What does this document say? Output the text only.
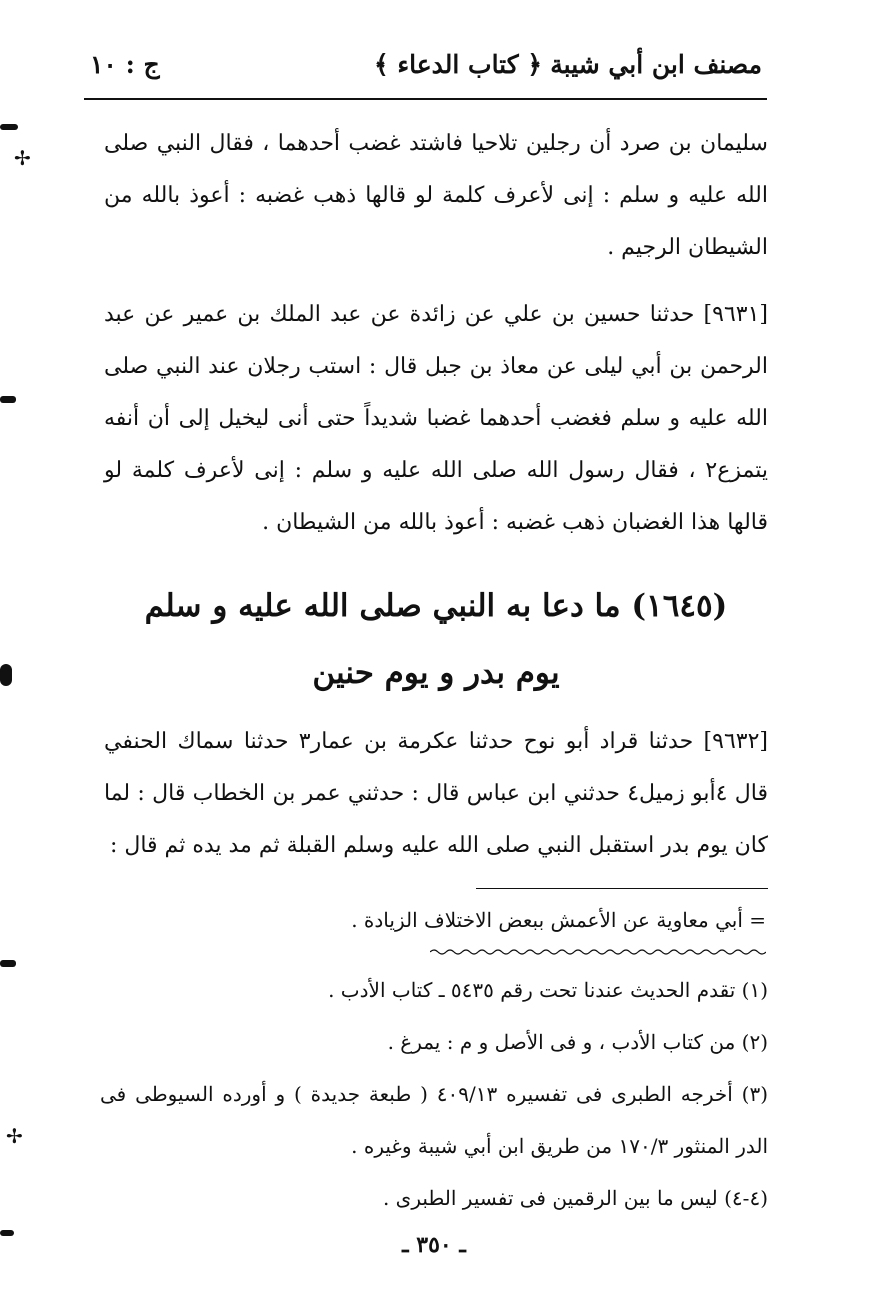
مصنف ابن أبي شيبة
﴿ كتاب الدعاء ﴾
ج : ١٠
سليمان بن صرد أن رجلين تلاحيا فاشتد غضب أحدهما ، فقال النبي صلى الله عليه و سلم : إنى لأعرف كلمة لو قالها ذهب غضبه : أعوذ بالله من الشيطان الرجيم .
[٩٦٣١] حدثنا حسين بن علي عن زائدة عن عبد الملك بن عمير عن عبد الرحمن بن أبي ليلى عن معاذ بن جبل قال : استب رجلان عند النبي صلى الله عليه و سلم فغضب أحدهما غضبا شديداً حتى أنى ليخيل إلى أن أنفه يتمزع٢ ، فقال رسول الله صلى الله عليه و سلم : إنى لأعرف كلمة لو قالها هذا الغضبان ذهب غضبه : أعوذ بالله من الشيطان .
(١٦٤٥) ما دعا به النبي صلى الله عليه و سلم
يوم بدر و يوم حنين
[٩٦٣٢] حدثنا قراد أبو نوح حدثنا عكرمة بن عمار٣ حدثنا سماك الحنفي قال ٤أبو زميل٤ حدثني ابن عباس قال : حدثني عمر بن الخطاب قال : لما كان يوم بدر استقبل النبي صلى الله عليه وسلم القبلة ثم مد يده ثم قال :
= أبي معاوية عن الأعمش ببعض الاختلاف الزيادة .
(١) تقدم الحديث عندنا تحت رقم ٥٤٣٥ ـ كتاب الأدب .
(٢) من كتاب الأدب ، و فى الأصل و م : يمرغ .
(٣) أخرجه الطبرى فى تفسيره ٤٠٩/١٣ ( طبعة جديدة ) و أورده السيوطى فى الدر المنثور ١٧٠/٣ من طريق ابن أبي شيبة وغيره .
(٤-٤) ليس ما بين الرقمين فى تفسير الطبرى .
ـ ٣٥٠ ـ
✢
✢
